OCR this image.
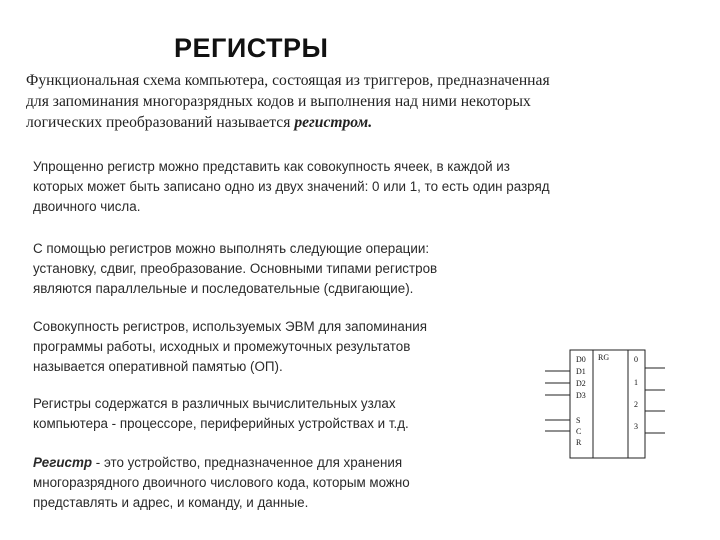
РЕГИСТРЫ
Функциональная схема компьютера, состоящая из триггеров, предназначенная
для запоминания многоразрядных кодов и выполнения над ними некоторых
логических преобразований называется регистром.
Упрощенно регистр можно представить как совокупность ячеек, в каждой из
которых может быть записано одно из двух значений: 0 или 1, то есть один разряд
двоичного числа.
С помощью регистров можно выполнять следующие операции:
установку, сдвиг, преобразование. Основными типами регистров
являются параллельные и последовательные (сдвигающие).
Совокупность регистров, используемых ЭВМ для запоминания
программы работы, исходных и промежуточных результатов
называется оперативной памятью (ОП).
Регистры содержатся в различных вычислительных узлах
компьютера - процессоре, периферийных устройствах и т.д.
Регистр - это устройство, предназначенное для хранения
многоразрядного двоичного числового кода, которым можно
представлять и адрес, и команду, и данные.
RG
D0
D1
D2
D3
S
C
R
0
1
2
3
